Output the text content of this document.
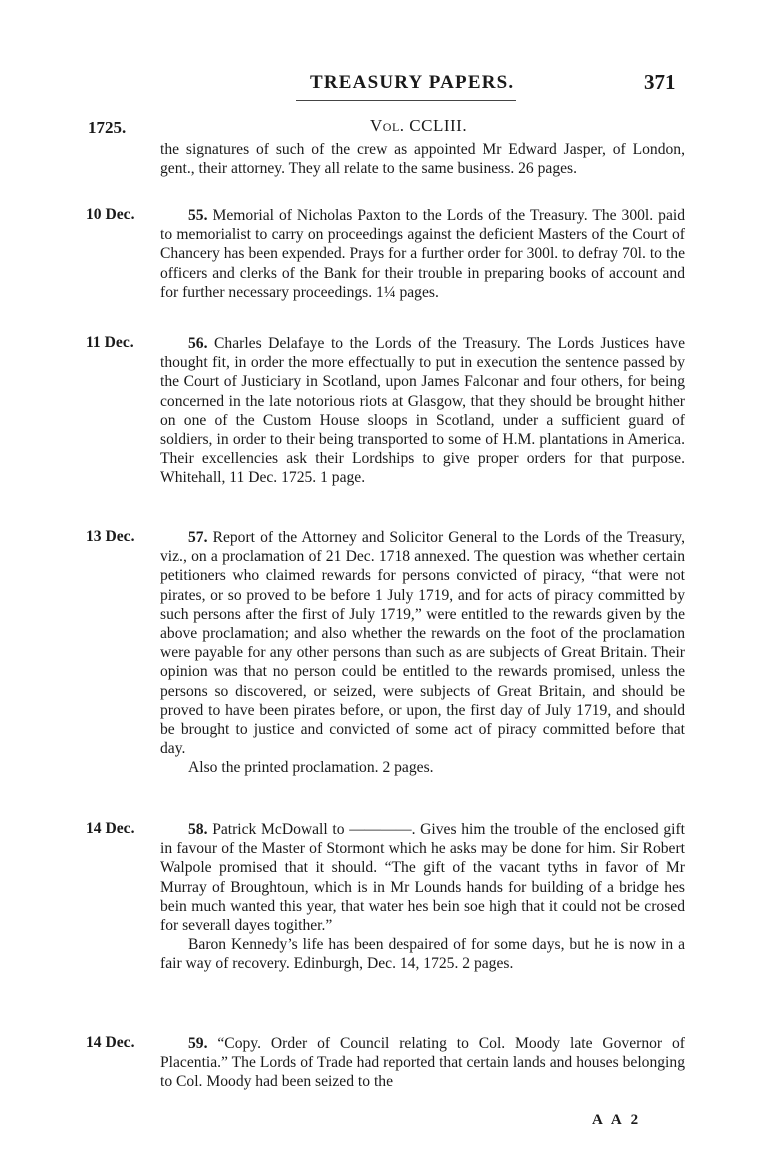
TREASURY PAPERS.	371
1725.	Vol. CCLIII.

the signatures of such of the crew as appointed Mr Edward Jasper, of London, gent., their attorney. They all relate to the same business. 26 pages.

10 Dec.	55. Memorial of Nicholas Paxton to the Lords of the Treasury. The 300l. paid to memorialist to carry on proceedings against the deficient Masters of the Court of Chancery has been expended. Prays for a further order for 300l. to defray 70l. to the officers and clerks of the Bank for their trouble in preparing books of account and for further necessary proceedings. 1¼ pages.

11 Dec.	56. Charles Delafaye to the Lords of the Treasury. The Lords Justices have thought fit, in order the more effectually to put in execution the sentence passed by the Court of Justiciary in Scotland, upon James Falconar and four others, for being concerned in the late notorious riots at Glasgow, that they should be brought hither on one of the Custom House sloops in Scotland, under a sufficient guard of soldiers, in order to their being transported to some of H.M. plantations in America. Their excellencies ask their Lordships to give proper orders for that purpose. Whitehall, 11 Dec. 1725. 1 page.

13 Dec.	57. Report of the Attorney and Solicitor General to the Lords of the Treasury, viz., on a proclamation of 21 Dec. 1718 annexed. The question was whether certain petitioners who claimed rewards for persons convicted of piracy, “that were not pirates, or so proved to be before 1 July 1719, and for acts of piracy committed by such persons after the first of July 1719,” were entitled to the rewards given by the above proclamation; and also whether the rewards on the foot of the proclamation were payable for any other persons than such as are subjects of Great Britain. Their opinion was that no person could be entitled to the rewards promised, unless the persons so discovered, or seized, were subjects of Great Britain, and should be proved to have been pirates before, or upon, the first day of July 1719, and should be brought to justice and convicted of some act of piracy committed before that day.

Also the printed proclamation. 2 pages.

14 Dec.	58. Patrick McDowall to ————. Gives him the trouble of the enclosed gift in favour of the Master of Stormont which he asks may be done for him. Sir Robert Walpole promised that it should. “The gift of the vacant tyths in favor of Mr Murray of Broughtoun, which is in Mr Lounds hands for building of a bridge hes bein much wanted this year, that water hes bein soe high that it could not be crosed for severall dayes togither.”

Baron Kennedy’s life has been despaired of for some days, but he is now in a fair way of recovery. Edinburgh, Dec. 14, 1725. 2 pages.

14 Dec.	59. “Copy. Order of Council relating to Col. Moody late Governor of Placentia.” The Lords of Trade had reported that certain lands and houses belonging to Col. Moody had been seized to the

A A 2
